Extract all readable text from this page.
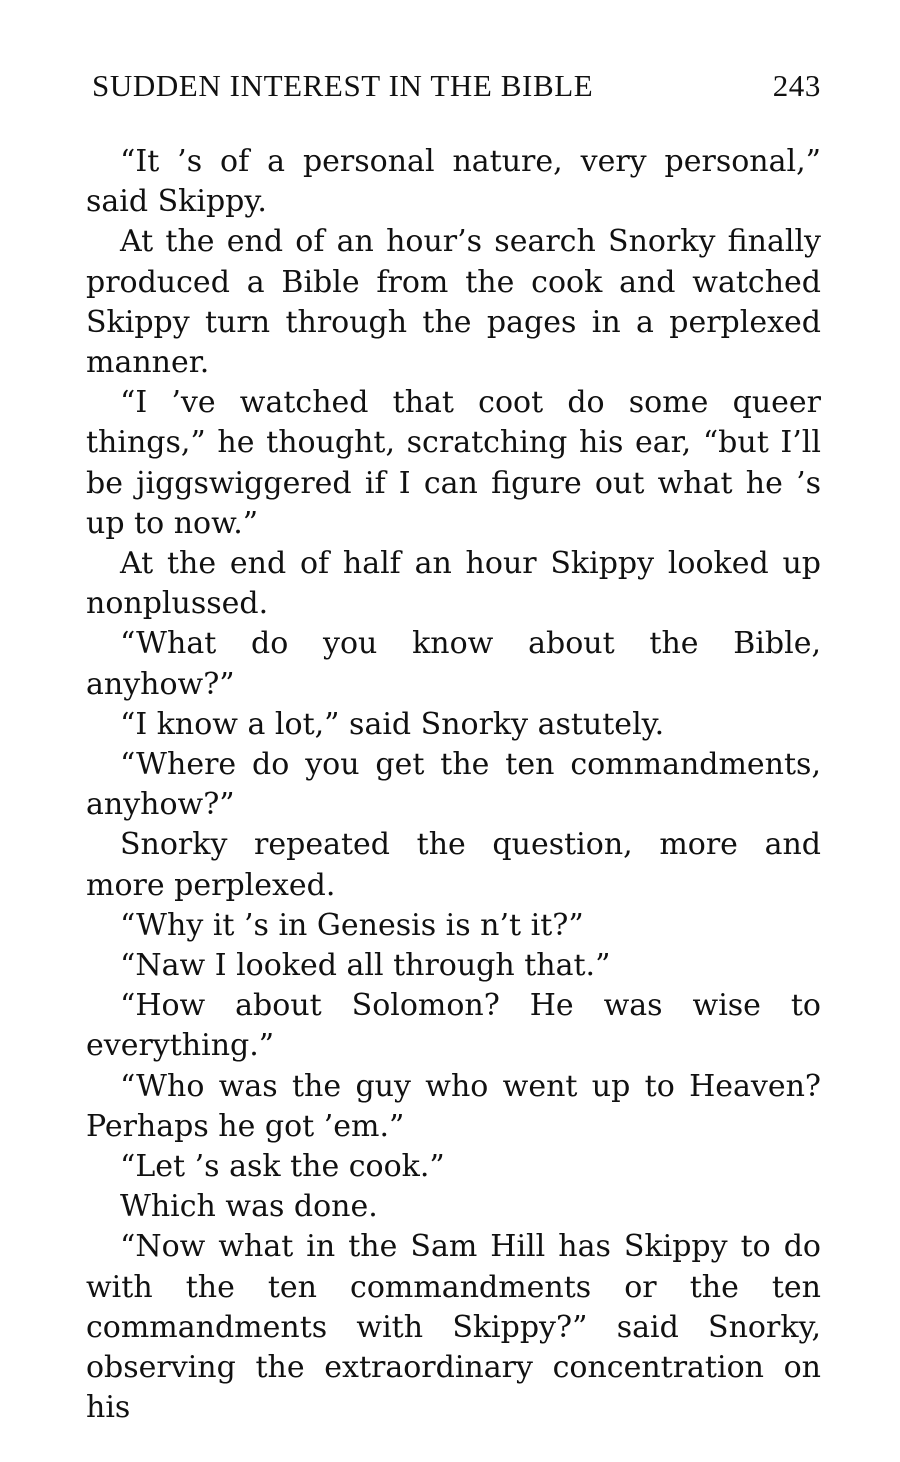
SUDDEN INTEREST IN THE BIBLE	243

“It ’s of a personal nature, very personal,” said Skippy.

At the end of an hour’s search Snorky finally produced a Bible from the cook and watched Skippy turn through the pages in a perplexed manner.

“I ’ve watched that coot do some queer things,” he thought, scratching his ear, “but I’ll be jiggswiggered if I can figure out what he ’s up to now.”

At the end of half an hour Skippy looked up nonplussed.

“What do you know about the Bible, anyhow?”

“I know a lot,” said Snorky astutely.

“Where do you get the ten commandments, anyhow?”

Snorky repeated the question, more and more perplexed.

“Why it ’s in Genesis is n’t it?”

“Naw I looked all through that.”

“How about Solomon? He was wise to everything.”

“Who was the guy who went up to Heaven? Perhaps he got ’em.”

“Let ’s ask the cook.”

Which was done.

“Now what in the Sam Hill has Skippy to do with the ten commandments or the ten commandments with Skippy?” said Snorky, observing the extraordinary concentration on his
